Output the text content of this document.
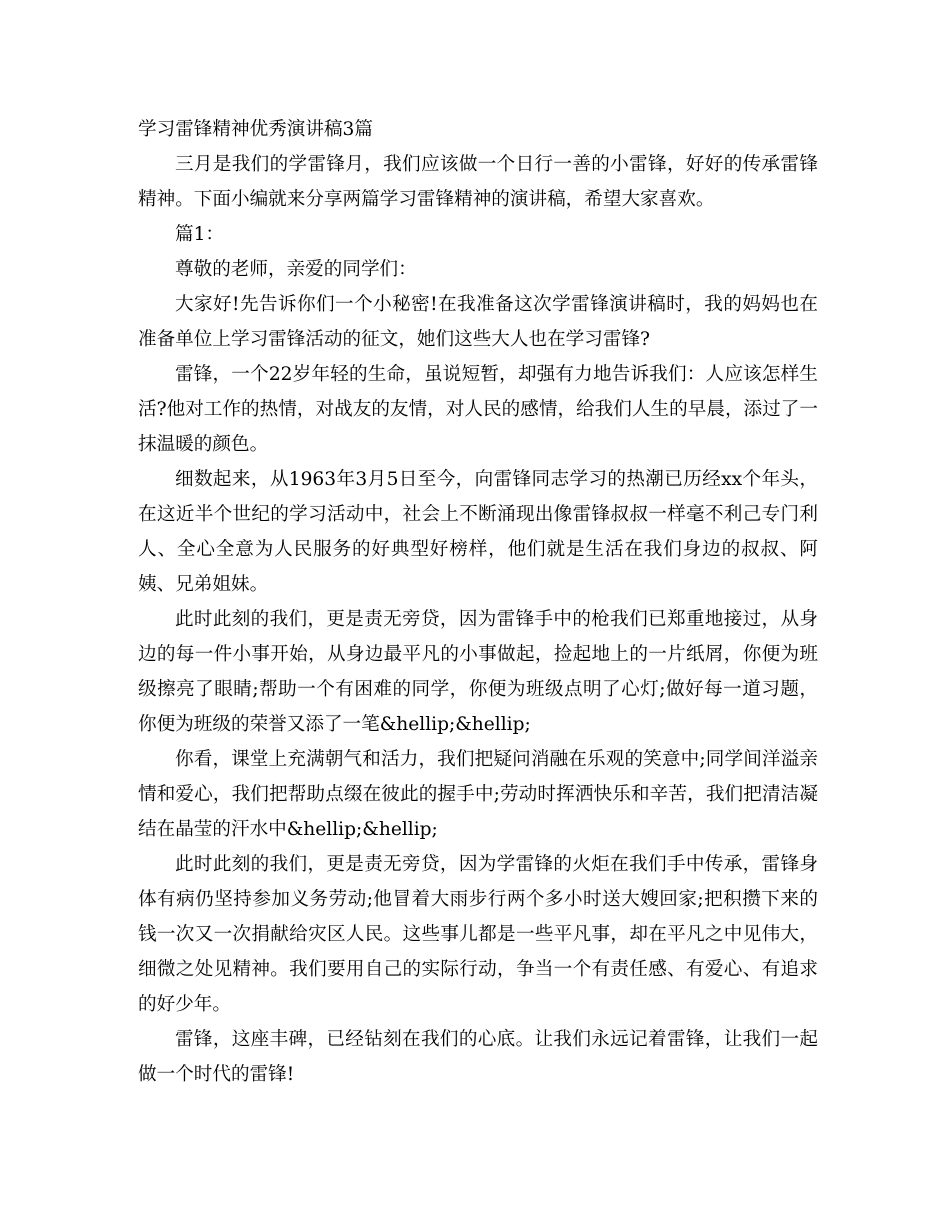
学习雷锋精神优秀演讲稿3篇

三月是我们的学雷锋月，我们应该做一个日行一善的小雷锋，好好的传承雷锋精神。下面小编就来分享两篇学习雷锋精神的演讲稿，希望大家喜欢。

篇1：

尊敬的老师，亲爱的同学们：

大家好!先告诉你们一个小秘密!在我准备这次学雷锋演讲稿时，我的妈妈也在准备单位上学习雷锋活动的征文，她们这些大人也在学习雷锋?

雷锋，一个22岁年轻的生命，虽说短暂，却强有力地告诉我们：人应该怎样生活?他对工作的热情，对战友的友情，对人民的感情，给我们人生的早晨，添过了一抹温暖的颜色。

细数起来，从1963年3月5日至今，向雷锋同志学习的热潮已历经xx个年头，在这近半个世纪的学习活动中，社会上不断涌现出像雷锋叔叔一样毫不利己专门利人、全心全意为人民服务的好典型好榜样，他们就是生活在我们身边的叔叔、阿姨、兄弟姐妹。

此时此刻的我们，更是责无旁贷，因为雷锋手中的枪我们已郑重地接过，从身边的每一件小事开始，从身边最平凡的小事做起，捡起地上的一片纸屑，你便为班级擦亮了眼睛;帮助一个有困难的同学，你便为班级点明了心灯;做好每一道习题，你便为班级的荣誉又添了一笔&hellip;&hellip;

你看，课堂上充满朝气和活力，我们把疑问消融在乐观的笑意中;同学间洋溢亲情和爱心，我们把帮助点缀在彼此的握手中;劳动时挥洒快乐和辛苦，我们把清洁凝结在晶莹的汗水中&hellip;&hellip;

此时此刻的我们，更是责无旁贷，因为学雷锋的火炬在我们手中传承，雷锋身体有病仍坚持参加义务劳动;他冒着大雨步行两个多小时送大嫂回家;把积攒下来的钱一次又一次捐献给灾区人民。这些事儿都是一些平凡事，却在平凡之中见伟大，细微之处见精神。我们要用自己的实际行动，争当一个有责任感、有爱心、有追求的好少年。

雷锋，这座丰碑，已经钻刻在我们的心底。让我们永远记着雷锋，让我们一起做一个时代的雷锋!
